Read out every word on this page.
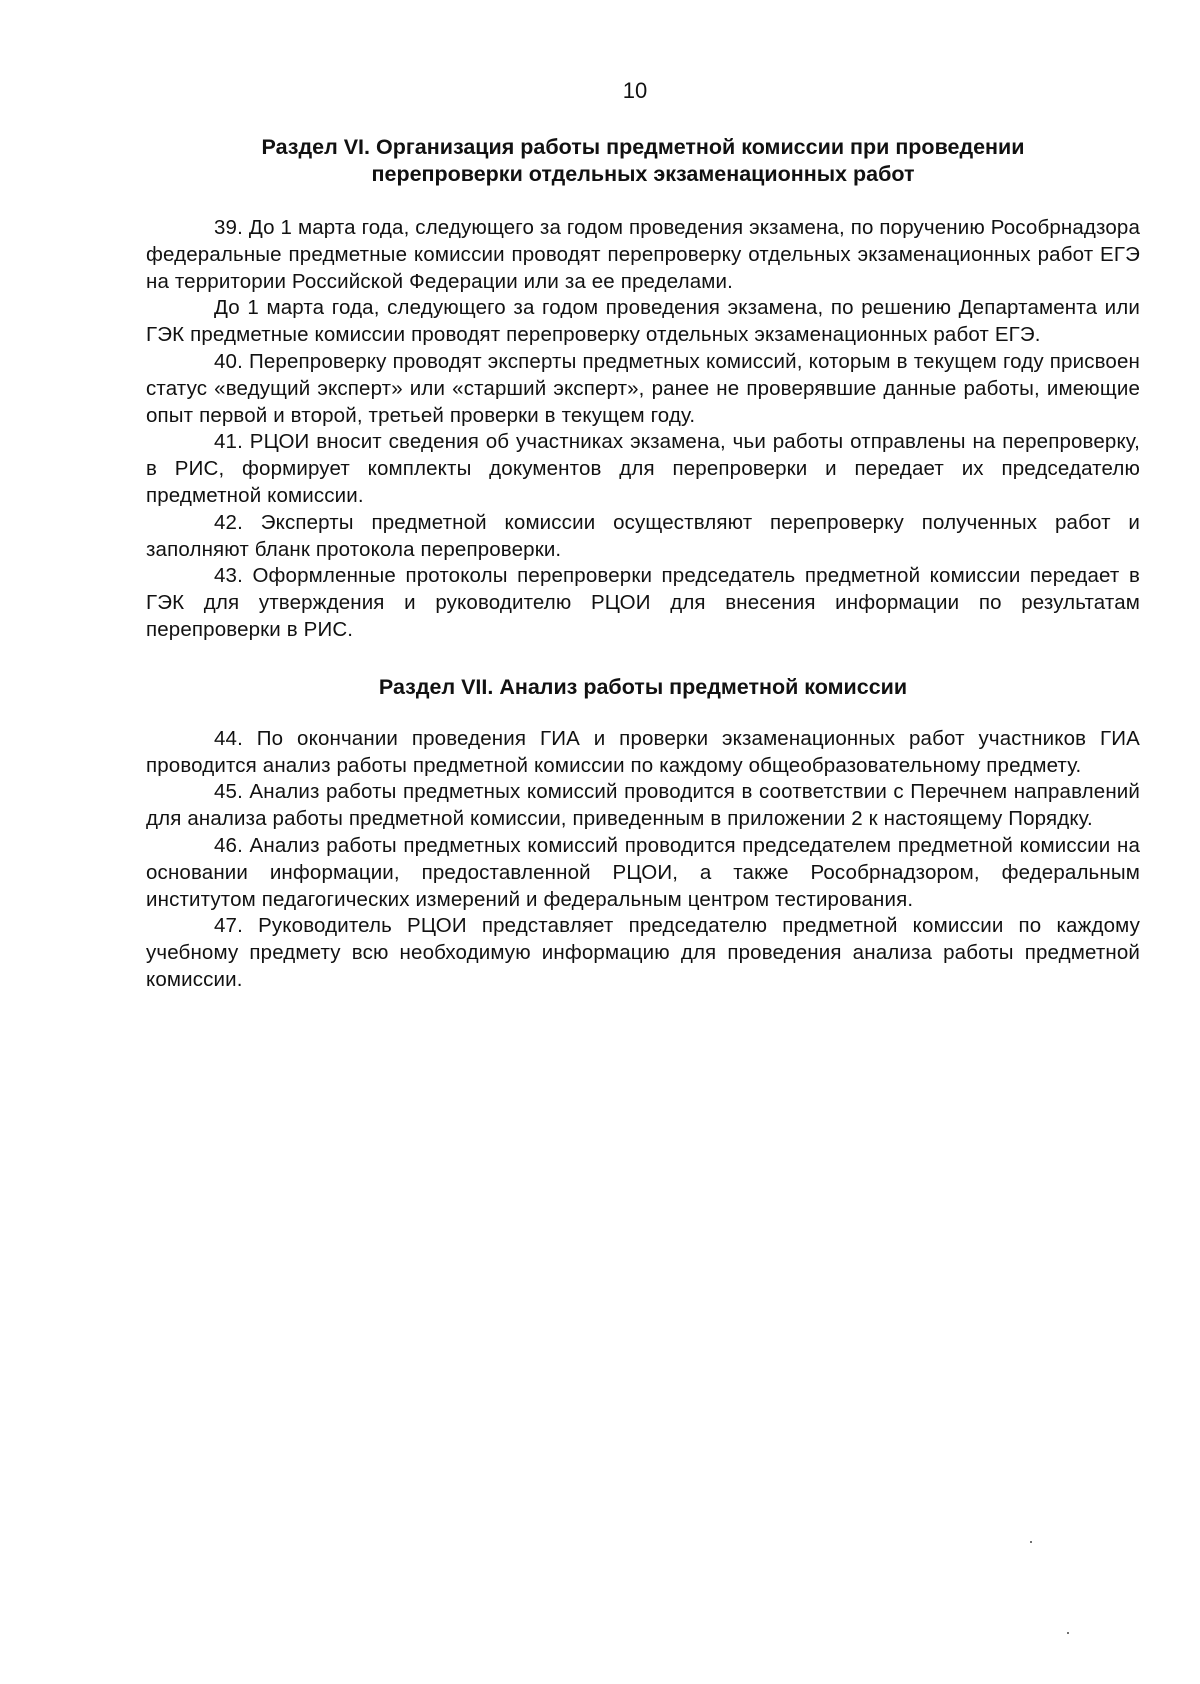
10
Раздел VI. Организация работы предметной комиссии при проведении
перепроверки отдельных экзаменационных работ

39. До 1 марта года, следующего за годом проведения экзамена, по поручению Рособрнадзора федеральные предметные комиссии проводят перепроверку отдельных экзаменационных работ ЕГЭ на территории Российской Федерации или за ее пределами.

До 1 марта года, следующего за годом проведения экзамена, по решению Департамента или ГЭК предметные комиссии проводят перепроверку отдельных экзаменационных работ ЕГЭ.

40. Перепроверку проводят эксперты предметных комиссий, которым в текущем году присвоен статус «ведущий эксперт» или «старший эксперт», ранее не проверявшие данные работы, имеющие опыт первой и второй, третьей проверки в текущем году.

41. РЦОИ вносит сведения об участниках экзамена, чьи работы отправлены на перепроверку, в РИС, формирует комплекты документов для перепроверки и передает их председателю предметной комиссии.

42. Эксперты предметной комиссии осуществляют перепроверку полученных работ и заполняют бланк протокола перепроверки.

43. Оформленные протоколы перепроверки председатель предметной комиссии передает в ГЭК для утверждения и руководителю РЦОИ для внесения информации по результатам перепроверки в РИС.

Раздел VII. Анализ работы предметной комиссии

44. По окончании проведения ГИА и проверки экзаменационных работ участников ГИА проводится анализ работы предметной комиссии по каждому общеобразовательному предмету.

45. Анализ работы предметных комиссий проводится в соответствии с Перечнем направлений для анализа работы предметной комиссии, приведенным в приложении 2 к настоящему Порядку.

46. Анализ работы предметных комиссий проводится председателем предметной комиссии на основании информации, предоставленной РЦОИ, а также Рособрнадзором, федеральным институтом педагогических измерений и федеральным центром тестирования.

47. Руководитель РЦОИ представляет председателю предметной комиссии по каждому учебному предмету всю необходимую информацию для проведения анализа работы предметной комиссии.
